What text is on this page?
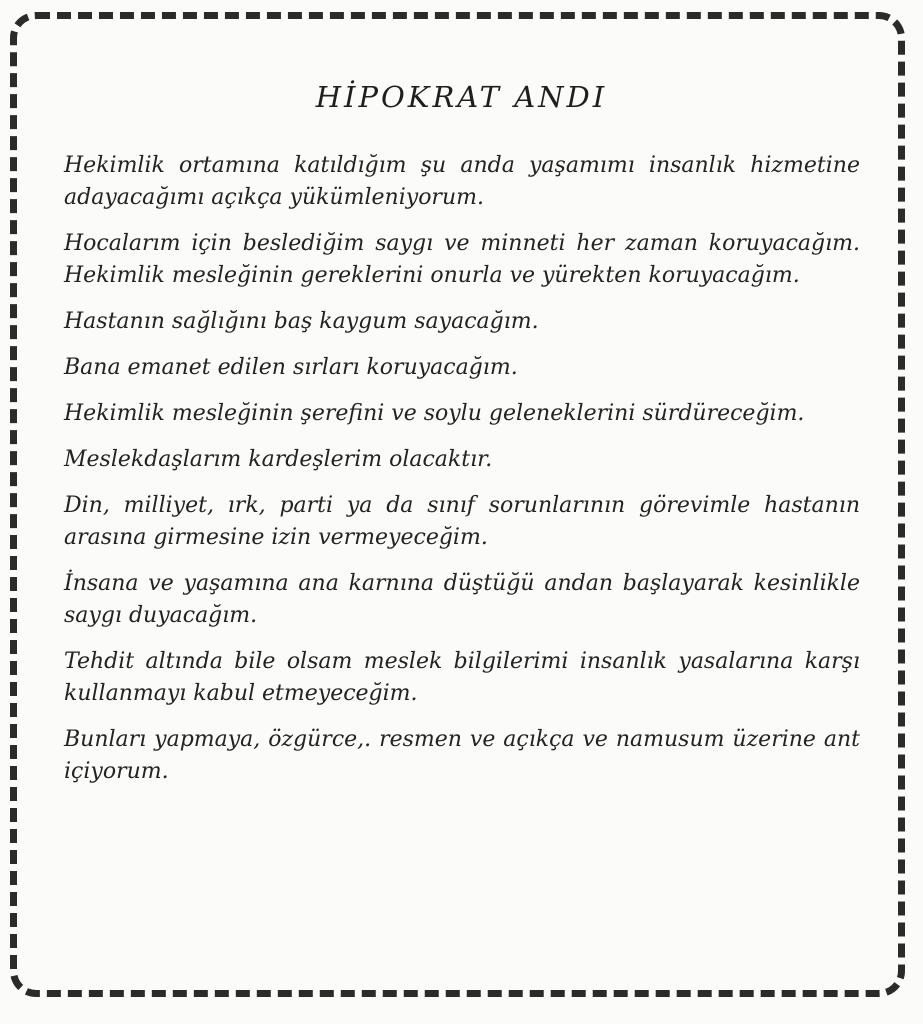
HİPOKRAT ANDI

Hekimlik ortamına katıldığım şu anda yaşamımı insanlık hizmetine adayacağımı açıkça yükümleniyorum.

Hocalarım için beslediğim saygı ve minneti her zaman koruyacağım. Hekimlik mesleğinin gereklerini onurla ve yürekten koruyacağım.

Hastanın sağlığını baş kaygum sayacağım.

Bana emanet edilen sırları koruyacağım.

Hekimlik mesleğinin şerefini ve soylu geleneklerini sürdüreceğim.

Meslekdaşlarım kardeşlerim olacaktır.

Din, milliyet, ırk, parti ya da sınıf sorunlarının görevimle hastanın arasına girmesine izin vermeyeceğim.

İnsana ve yaşamına ana karnına düştüğü andan başlayarak kesinlikle saygı duyacağım.

Tehdit altında bile olsam meslek bilgilerimi insanlık yasalarına karşı kullanmayı kabul etmeyeceğim.

Bunları yapmaya, özgürce,. resmen ve açıkça ve namusum üzerine ant içiyorum.
